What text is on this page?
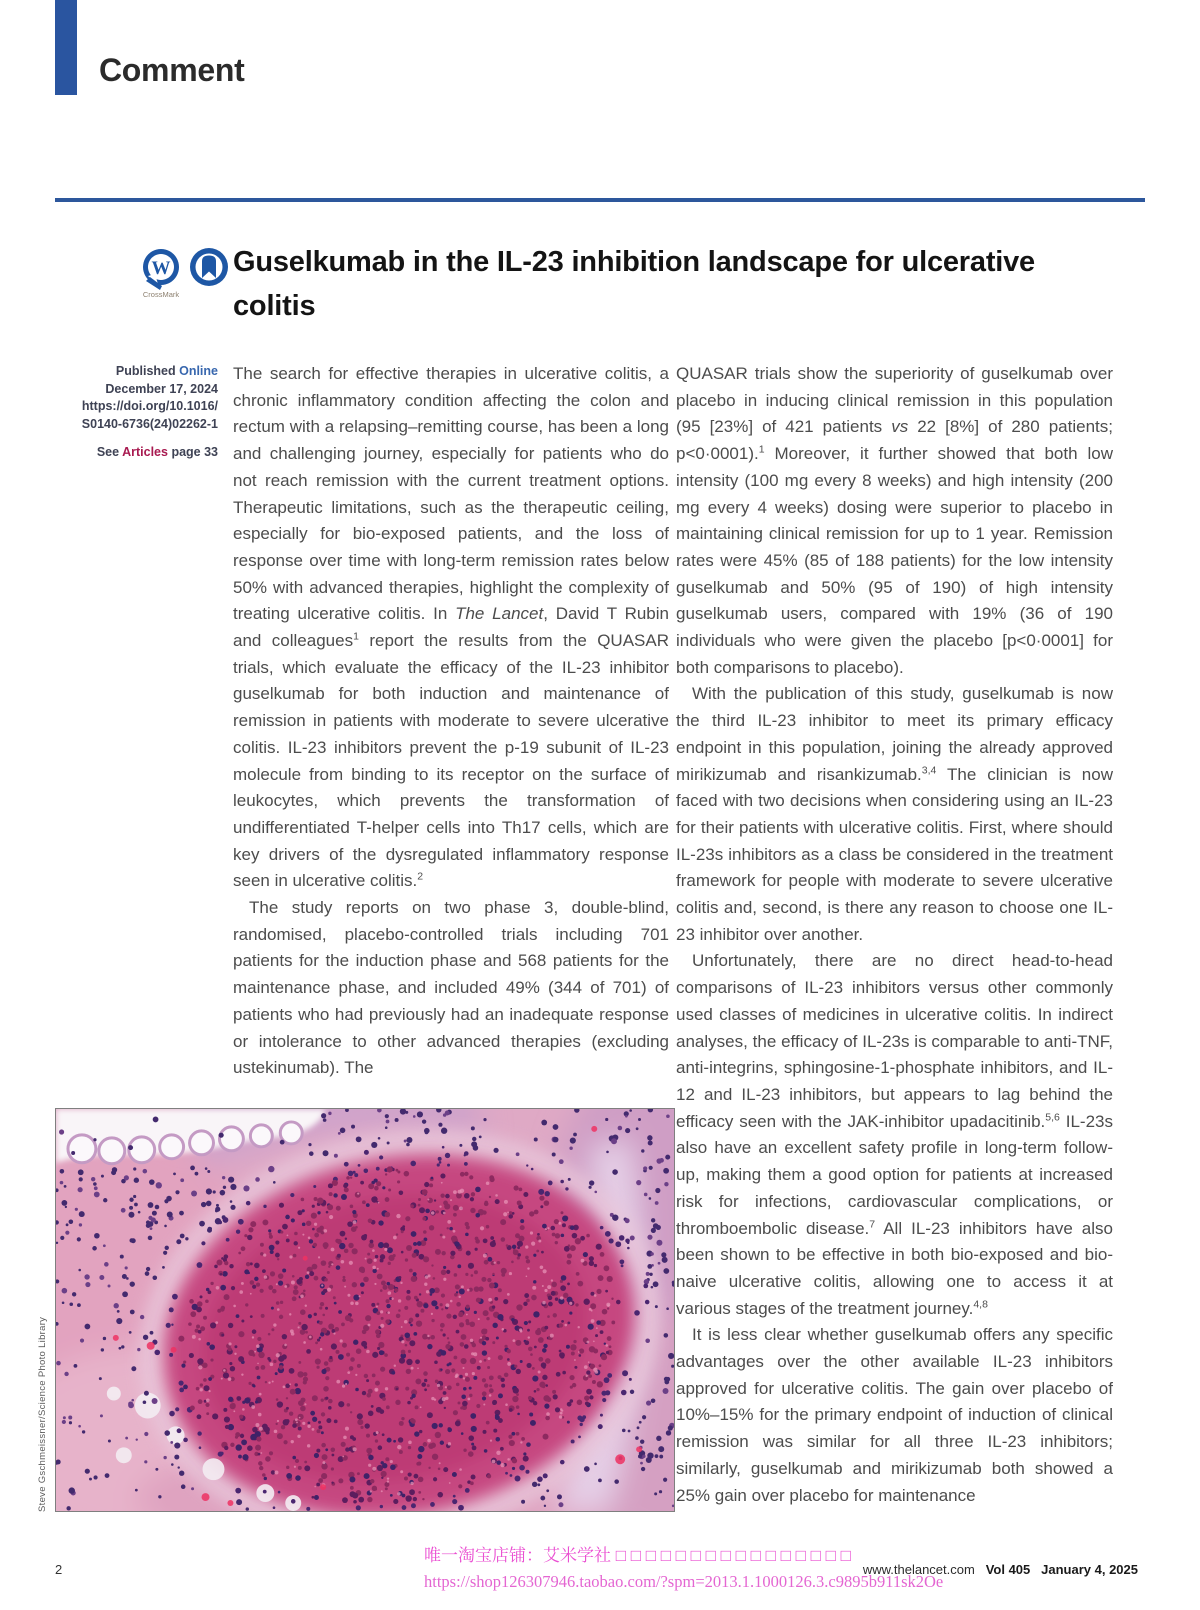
Comment
W
CrossMark
Guselkumab in the IL-23 inhibition landscape for ulcerative colitis
Published Online
December 17, 2024
https://doi.org/10.1016/
S0140-6736(24)02262-1
See Articles page 33

The search for effective therapies in ulcerative colitis, a chronic inflammatory condition affecting the colon and rectum with a relapsing–remitting course, has been a long and challenging journey, especially for patients who do not reach remission with the current treatment options. Therapeutic limitations, such as the therapeutic ceiling, especially for bio-exposed patients, and the loss of response over time with long-term remission rates below 50% with advanced therapies, highlight the complexity of treating ulcerative colitis. In The Lancet, David T Rubin and colleagues$^1$ report the results from the QUASAR trials, which evaluate the efficacy of the IL-23 inhibitor guselkumab for both induction and maintenance of remission in patients with moderate to severe ulcerative colitis. IL-23 inhibitors prevent the p-19 subunit of IL-23 molecule from binding to its receptor on the surface of leukocytes, which prevents the transformation of undifferentiated T-helper cells into Th17 cells, which are key drivers of the dysregulated inflammatory response seen in ulcerative colitis.$^2$

The study reports on two phase 3, double-blind, randomised, placebo-controlled trials including 701 patients for the induction phase and 568 patients for the maintenance phase, and included 49% (344 of 701) of patients who had previously had an inadequate response or intolerance to other advanced therapies (excluding ustekinumab). The

QUASAR trials show the superiority of guselkumab over placebo in inducing clinical remission in this population (95 [23%] of 421 patients vs 22 [8%] of 280 patients; p<0·0001).$^1$ Moreover, it further showed that both low intensity (100 mg every 8 weeks) and high intensity (200 mg every 4 weeks) dosing were superior to placebo in maintaining clinical remission for up to 1 year. Remission rates were 45% (85 of 188 patients) for the low intensity guselkumab and 50% (95 of 190) of high intensity guselkumab users, compared with 19% (36 of 190 individuals who were given the placebo [p<0·0001] for both comparisons to placebo).

With the publication of this study, guselkumab is now the third IL-23 inhibitor to meet its primary efficacy endpoint in this population, joining the already approved mirikizumab and risankizumab.$^{3,4}$ The clinician is now faced with two decisions when considering using an IL-23 for their patients with ulcerative colitis. First, where should IL-23s inhibitors as a class be considered in the treatment framework for people with moderate to severe ulcerative colitis and, second, is there any reason to choose one IL-23 inhibitor over another.

Unfortunately, there are no direct head-to-head comparisons of IL-23 inhibitors versus other commonly used classes of medicines in ulcerative colitis. In indirect analyses, the efficacy of IL-23s is comparable to anti-TNF, anti-integrins, sphingosine-1-phosphate inhibitors, and IL-12 and IL-23 inhibitors, but appears to lag behind the efficacy seen with the JAK-inhibitor upadacitinib.$^{5,6}$ IL-23s also have an excellent safety profile in long-term follow-up, making them a good option for patients at increased risk for infections, cardiovascular complications, or thromboembolic disease.$^7$ All IL-23 inhibitors have also been shown to be effective in both bio-exposed and bio-naive ulcerative colitis, allowing one to access it at various stages of the treatment journey.$^{4,8}$

It is less clear whether guselkumab offers any specific advantages over the other available IL-23 inhibitors approved for ulcerative colitis. The gain over placebo of 10%–15% for the primary endpoint of induction of clinical remission was similar for all three IL-23 inhibitors; similarly, guselkumab and mirikizumab both showed a 25% gain over placebo for maintenance

Steve Gschmeissner/Science Photo Library
2
唯一淘宝店铺：艾米学社 □ □ □ □ □ □ □ □ □ □ □ □ □ □ □ □
https://shop126307946.taobao.com/?spm=2013.1.1000126.3.c9895b911sk2Oe
www.thelancet.com Vol 405 January 4, 2025
